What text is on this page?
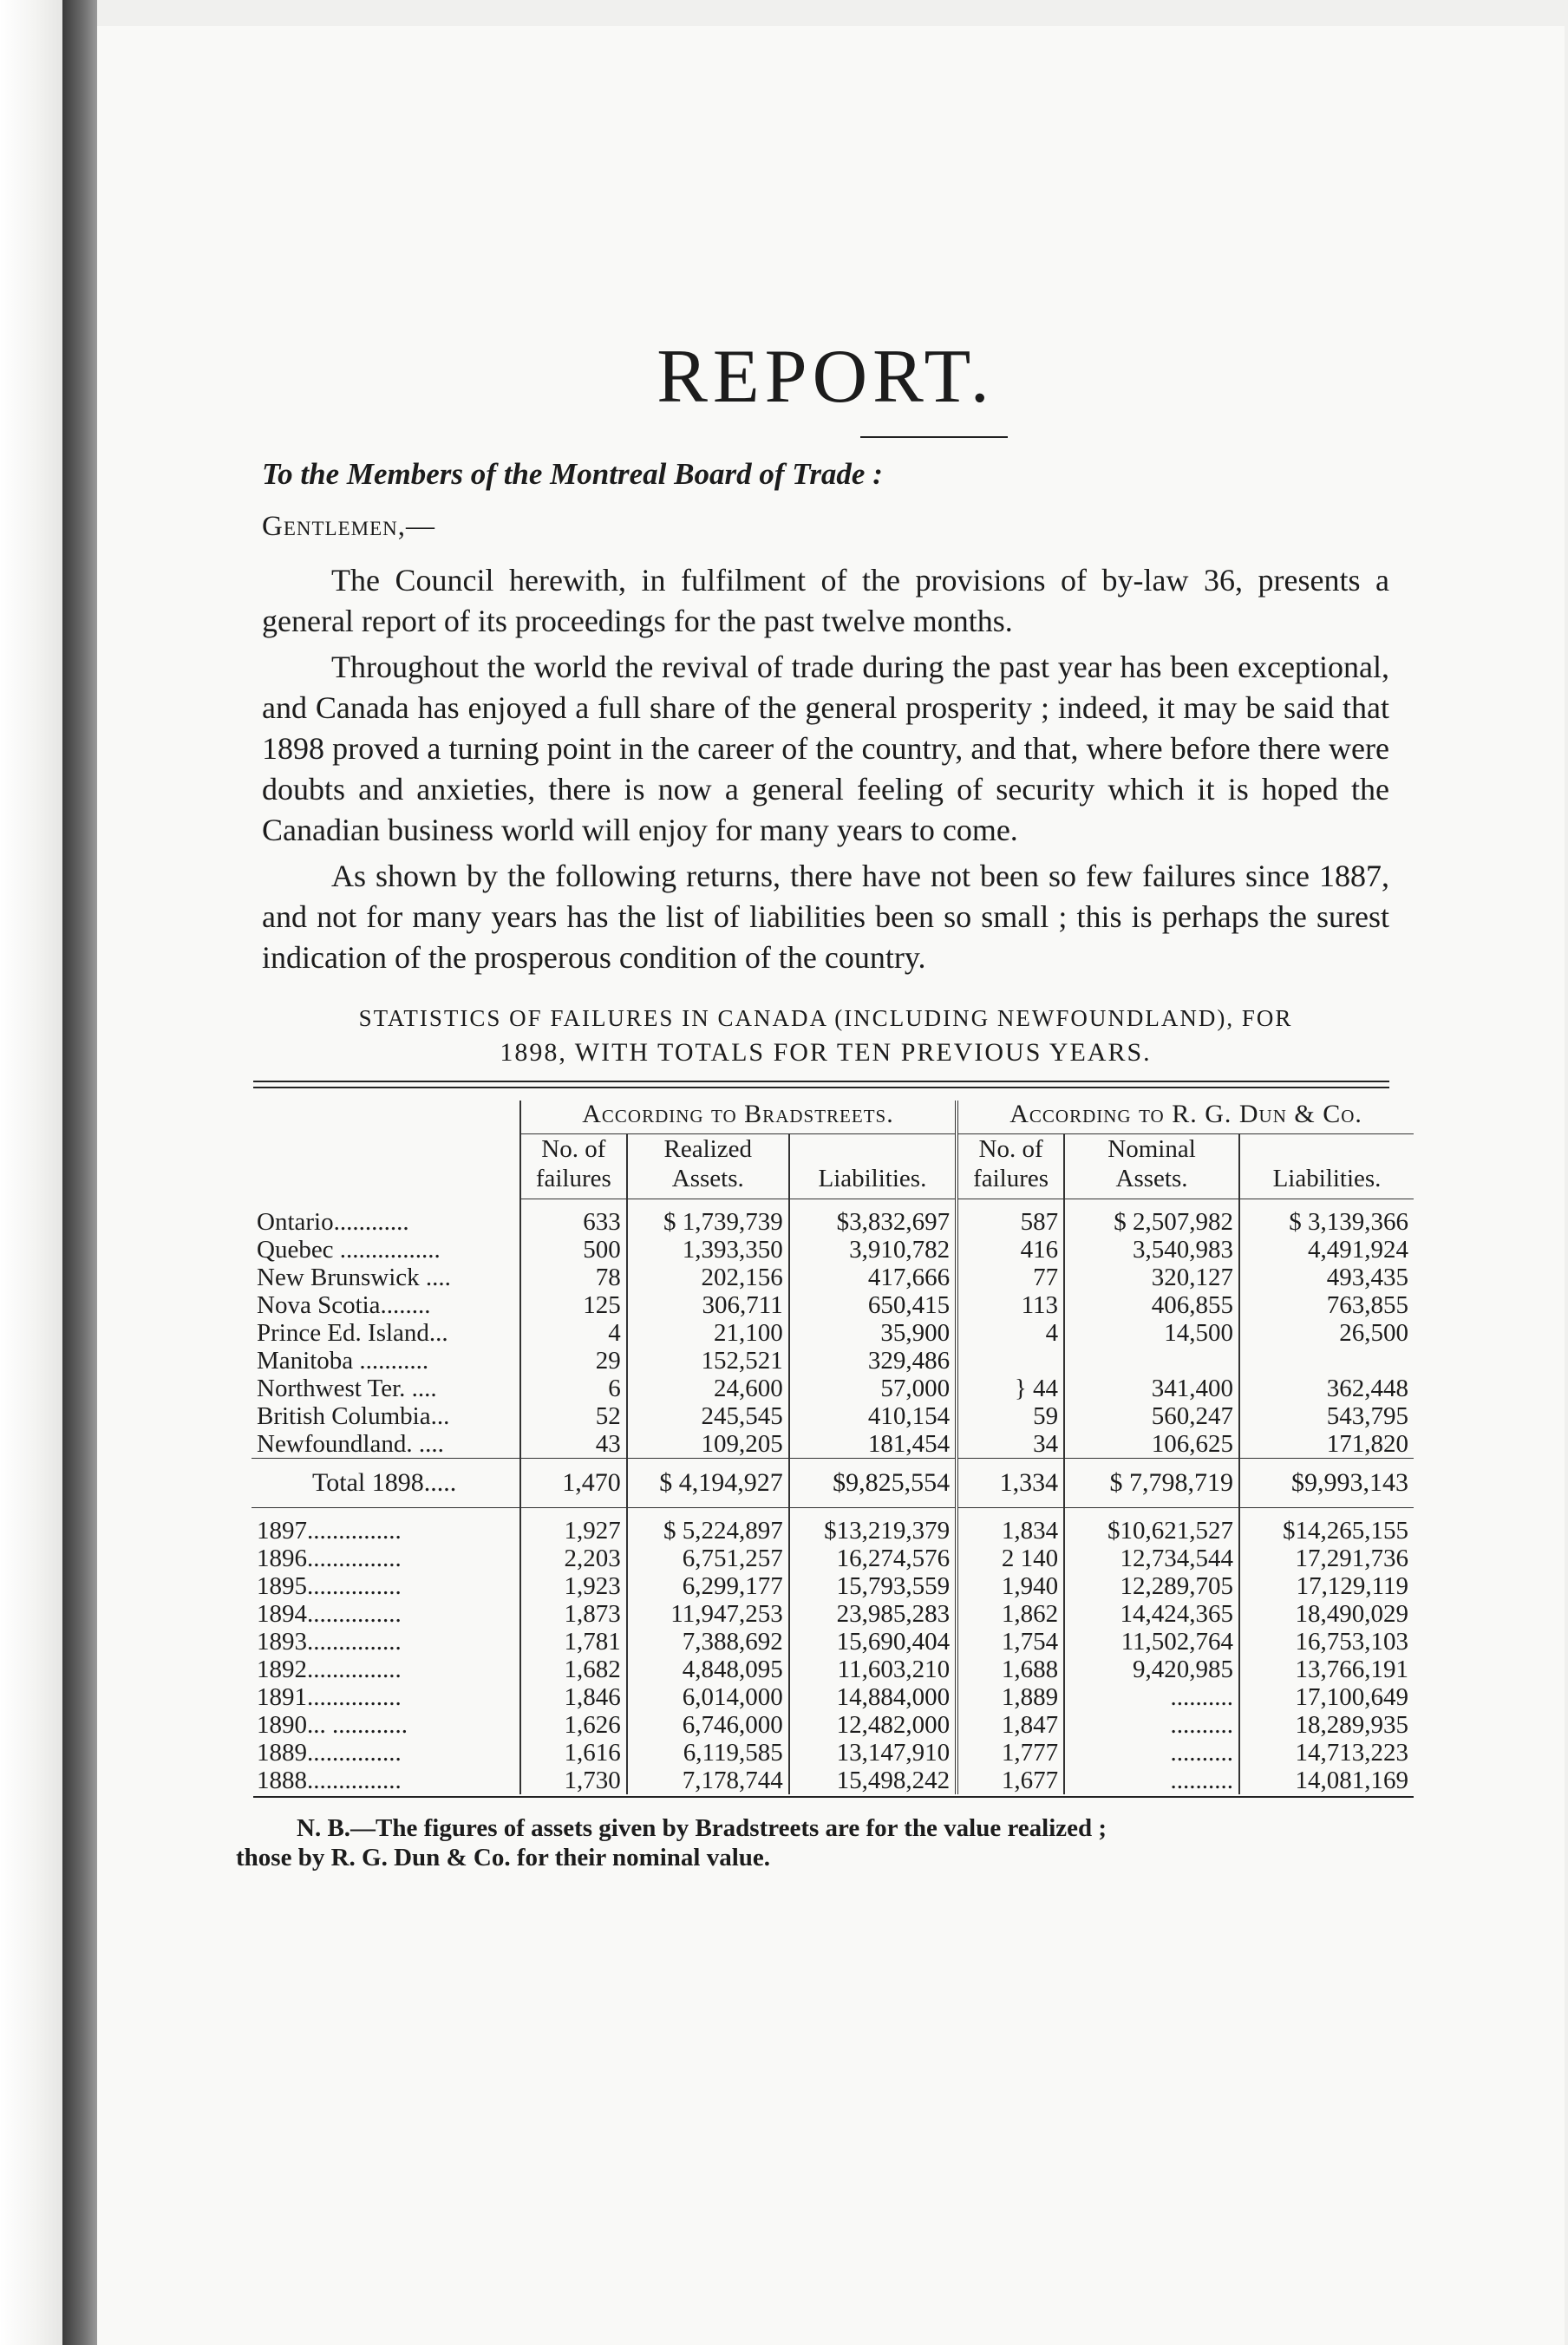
REPORT.
To the Members of the Montreal Board of Trade :
Gentlemen,—

The Council herewith, in fulfilment of the provisions of by-law 36, presents a general report of its proceedings for the past twelve months.

Throughout the world the revival of trade during the past year has been exceptional, and Canada has enjoyed a full share of the general prosperity ; indeed, it may be said that 1898 proved a turning point in the career of the country, and that, where before there were doubts and anxieties, there is now a general feeling of security which it is hoped the Canadian business world will enjoy for many years to come.

As shown by the following returns, there have not been so few failures since 1887, and not for many years has the list of liabilities been so small ; this is perhaps the surest indication of the prosperous condition of the country.

STATISTICS OF FAILURES IN CANADA (INCLUDING NEWFOUNDLAND), FOR
1898, WITH TOTALS FOR TEN PREVIOUS YEARS.
	According to Bradstreets.			According to R. G. Dun & Co.		
	No. of failures	Realized Assets.	Liabilities.	No. of failures	Nominal Assets.	Liabilities.

Ontario............	633	$ 1,739,739	$3,832,697	587	$ 2,507,982	$ 3,139,366
Quebec ................	500	1,393,350	3,910,782	416	3,540,983	4,491,924
New Brunswick ....	78	202,156	417,666	77	320,127	493,435
Nova Scotia........	125	306,711	650,415	113	406,855	763,855
Prince Ed. Island...	4	21,100	35,900	4	14,500	26,500
Manitoba ...........	29	152,521	329,486			
Northwest Ter. ....	6	24,600	57,000	} 44	341,400	362,448
British Columbia...	52	245,545	410,154	59	560,247	543,795
Newfoundland. ....	43	109,205	181,454	34	106,625	171,820
Total 1898.....	1,470	$ 4,194,927	$9,825,554	1,334	$ 7,798,719	$9,993,143

1897...............	1,927	$ 5,224,897	$13,219,379	1,834	$10,621,527	$14,265,155
1896...............	2,203	6,751,257	16,274,576	2 140	12,734,544	17,291,736
1895...............	1,923	6,299,177	15,793,559	1,940	12,289,705	17,129,119
1894...............	1,873	11,947,253	23,985,283	1,862	14,424,365	18,490,029
1893...............	1,781	7,388,692	15,690,404	1,754	11,502,764	16,753,103
1892...............	1,682	4,848,095	11,603,210	1,688	9,420,985	13,766,191
1891...............	1,846	6,014,000	14,884,000	1,889	..........	17,100,649
1890... ............	1,626	6,746,000	12,482,000	1,847	..........	18,289,935
1889...............	1,616	6,119,585	13,147,910	1,777	..........	14,713,223
1888...............	1,730	7,178,744	15,498,242	1,677	..........	14,081,169
N. B.—The figures of assets given by Bradstreets are for the value realized ;
those by R. G. Dun & Co. for their nominal value.
